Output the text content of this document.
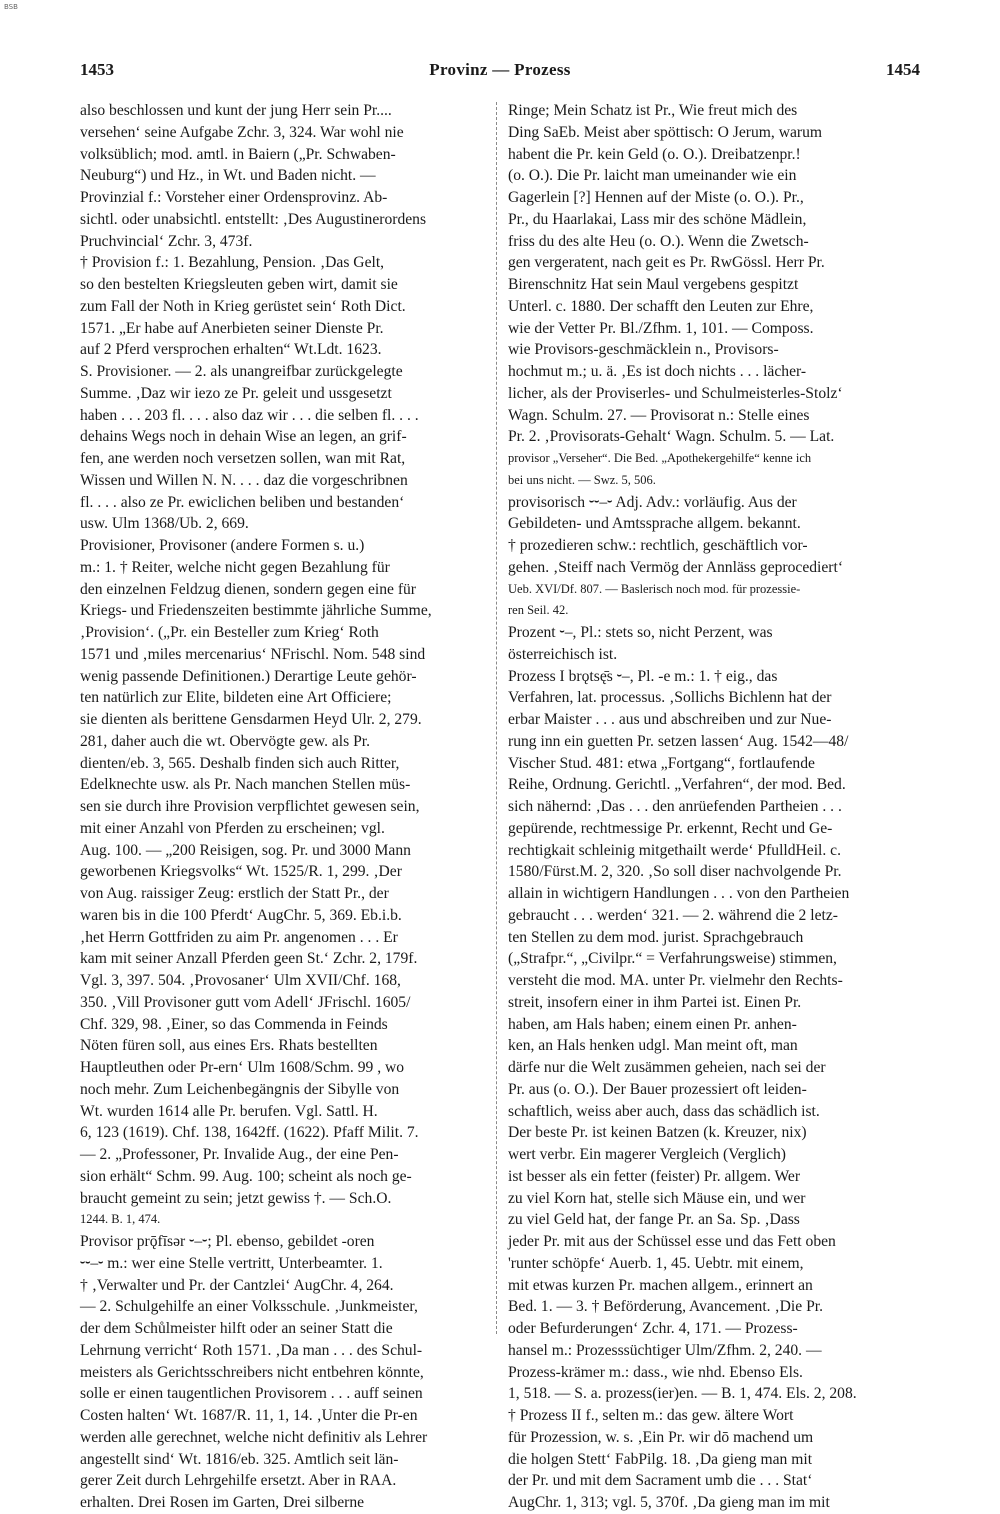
BSB
1453	Provinz — Prozess	1454
also beschlossen und kunt der jung Herr sein Pr....
versehen‘ seine Aufgabe Zchr. 3, 324. War wohl nie
volksüblich; mod. amtl. in Baiern („Pr. Schwaben-
Neuburg“) und Hz., in Wt. und Baden nicht. —
Provinzial f.: Vorsteher einer Ordensprovinz. Ab-
sichtl. oder unabsichtl. entstellt: ‚Des Augustinerordens
Pruchvincial‘ Zchr. 3, 473f.
† Provision f.: 1. Bezahlung, Pension. ‚Das Gelt,
so den bestelten Kriegsleuten geben wirt, damit sie
zum Fall der Noth in Krieg gerüstet sein‘ Roth Dict.
1571. „Er habe auf Anerbieten seiner Dienste Pr.
auf 2 Pferd versprochen erhalten“ Wt.Ldt. 1623.
S. Provisioner. — 2. als unangreifbar zurückgelegte
Summe. ‚Daz wir iezo ze Pr. geleit und ussgesetzt
haben . . . 203 fl. . . . also daz wir . . . die selben fl. . . .
dehains Wegs noch in dehain Wise an legen, an grif-
fen, ane werden noch versetzen sollen, wan mit Rat,
Wissen und Willen N. N. . . . daz die vorgeschribnen
fl. . . . also ze Pr. ewiclichen beliben und bestanden‘
usw. Ulm 1368/Ub. 2, 669.
Provisioner, Provisoner (andere Formen s. u.)
m.: 1. † Reiter, welche nicht gegen Bezahlung für
den einzelnen Feldzug dienen, sondern gegen eine für
Kriegs- und Friedenszeiten bestimmte jährliche Summe,
‚Provision‘. („Pr. ein Besteller zum Krieg‘ Roth
1571 und ‚miles mercenarius‘ NFrischl. Nom. 548 sind
wenig passende Definitionen.) Derartige Leute gehör-
ten natürlich zur Elite, bildeten eine Art Officiere;
sie dienten als berittene Gensdarmen Heyd Ulr. 2, 279.
281, daher auch die wt. Obervögte gew. als Pr.
dienten/eb. 3, 565. Deshalb finden sich auch Ritter,
Edelknechte usw. als Pr. Nach manchen Stellen müs-
sen sie durch ihre Provision verpflichtet gewesen sein,
mit einer Anzahl von Pferden zu erscheinen; vgl.
Aug. 100. — „200 Reisigen, sog. Pr. und 3000 Mann
geworbenen Kriegsvolks“ Wt. 1525/R. 1, 299. ‚Der
von Aug. raissiger Zeug: erstlich der Statt Pr., der
waren bis in die 100 Pferdt‘ AugChr. 5, 369. Eb.i.b.
‚het Herrn Gottfriden zu aim Pr. angenomen . . . Er
kam mit seiner Anzall Pferden geen St.‘ Zchr. 2, 179f.
Vgl. 3, 397. 504. ‚Provosaner‘ Ulm XVII/Chf. 168,
350. ‚Vill Provisoner gutt vom Adell‘ JFrischl. 1605/
Chf. 329, 98. ‚Einer, so das Commenda in Feinds
Nöten füren soll, aus eines Ers. Rhats bestellten
Hauptleuthen oder Pr-ern‘ Ulm 1608/Schm. 99 , wo
noch mehr. Zum Leichenbegängnis der Sibylle von
Wt. wurden 1614 alle Pr. berufen. Vgl. Sattl. H.
6, 123 (1619). Chf. 138, 1642ff. (1622). Pfaff Milit. 7.
— 2. „Professoner, Pr. Invalide Aug., der eine Pen-
sion erhält“ Schm. 99. Aug. 100; scheint als noch ge-
braucht gemeint zu sein; jetzt gewiss †. — Sch.O.
1244. B. 1, 474.
Provisor prǭfīsər ⏑–⏑; Pl. ebenso, gebildet -oren
⏑⏑–⏑ m.: wer eine Stelle vertritt, Unterbeamter. 1.
† ‚Verwalter und Pr. der Cantzlei‘ AugChr. 4, 264.
— 2. Schulgehilfe an einer Volksschule. ‚Junkmeister,
der dem Schůlmeister hilft oder an seiner Statt die
Lehrnung verricht‘ Roth 1571. ‚Da man . . . des Schul-
meisters als Gerichtsschreibers nicht entbehren könnte,
solle er einen taugentlichen Provisorem . . . auff seinen
Costen halten‘ Wt. 1687/R. 11, 1, 14. ‚Unter die Pr-en
werden alle gerechnet, welche nicht definitiv als Lehrer
angestellt sind‘ Wt. 1816/eb. 325. Amtlich seit län-
gerer Zeit durch Lehrgehilfe ersetzt. Aber in RAA.
erhalten. Drei Rosen im Garten, Drei silberne
Ringe; Mein Schatz ist Pr., Wie freut mich des
Ding SaEb. Meist aber spöttisch: O Jerum, warum
habent die Pr. kein Geld (o. O.). Dreibatzenpr.!
(o. O.). Die Pr. laicht man umeinander wie ein
Gagerlein [?] Hennen auf der Miste (o. O.). Pr.,
Pr., du Haarlakai, Lass mir des schöne Mädlein,
friss du des alte Heu (o. O.). Wenn die Zwetsch-
gen vergeratent, nach geit es Pr. RwGössl. Herr Pr.
Birenschnitz Hat sein Maul vergebens gespitzt
Unterl. c. 1880. Der schafft den Leuten zur Ehre,
wie der Vetter Pr. Bl./Zfhm. 1, 101. — Composs.
wie Provisors-geschmäcklein n., Provisors-
hochmut m.; u. ä. ‚Es ist doch nichts . . . lächer-
licher, als der Proviserles- und Schulmeisterles-Stolz‘
Wagn. Schulm. 27. — Provisorat n.: Stelle eines
Pr. 2. ‚Provisorats-Gehalt‘ Wagn. Schulm. 5. — Lat.
provisor „Verseher“. Die Bed. „Apothekergehilfe“ kenne ich
bei uns nicht. — Swz. 5, 506.
provisorisch ⏑⏑–⏑ Adj. Adv.: vorläufig. Aus der
Gebildeten- und Amtssprache allgem. bekannt.
† prozedieren schw.: rechtlich, geschäftlich vor-
gehen. ‚Steiff nach Vermög der Annläss geprocediert‘
Ueb. XVI/Df. 807. — Baslerisch noch mod. für prozessie-
ren Seil. 42.
Prozent ⏑–, Pl.: stets so, nicht Perzent, was
österreichisch ist.
Prozess I brǫtsę̄s ⏑–, Pl. -e m.: 1. † eig., das
Verfahren, lat. processus. ‚Sollichs Bichlenn hat der
erbar Maister . . . aus und abschreiben und zur Nue-
rung inn ein guetten Pr. setzen lassen‘ Aug. 1542—48/
Vischer Stud. 481: etwa „Fortgang“, fortlaufende
Reihe, Ordnung. Gerichtl. „Verfahren“, der mod. Bed.
sich nähernd: ‚Das . . . den anrüefenden Partheien . . .
gepürende, rechtmessige Pr. erkennt, Recht und Ge-
rechtigkait schleinig mitgethailt werde‘ PfulldHeil. c.
1580/Fürst.M. 2, 320. ‚So soll diser nachvolgende Pr.
allain in wichtigern Handlungen . . . von den Partheien
gebraucht . . . werden‘ 321. — 2. während die 2 letz-
ten Stellen zu dem mod. jurist. Sprachgebrauch
(„Strafpr.“, „Civilpr.“ = Verfahrungsweise) stimmen,
versteht die mod. MA. unter Pr. vielmehr den Rechts-
streit, insofern einer in ihm Partei ist. Einen Pr.
haben, am Hals haben; einem einen Pr. anhen-
ken, an Hals henken udgl. Man meint oft, man
därfe nur die Welt zusämmen geheien, nach sei der
Pr. aus (o. O.). Der Bauer prozessiert oft leiden-
schaftlich, weiss aber auch, dass das schädlich ist.
Der beste Pr. ist keinen Batzen (k. Kreuzer, nix)
wert verbr. Ein magerer Vergleich (Verglich)
ist besser als ein fetter (feister) Pr. allgem. Wer
zu viel Korn hat, stelle sich Mäuse ein, und wer
zu viel Geld hat, der fange Pr. an Sa. Sp. ‚Dass
jeder Pr. mit aus der Schüssel esse und das Fett oben
'runter schöpfe‘ Auerb. 1, 45. Uebtr. mit einem,
mit etwas kurzen Pr. machen allgem., erinnert an
Bed. 1. — 3. † Beförderung, Avancement. ‚Die Pr.
oder Befurderungen‘ Zchr. 4, 171. — Prozess-
hansel m.: Prozesssüchtiger Ulm/Zfhm. 2, 240. —
Prozess-krämer m.: dass., wie nhd. Ebenso Els.
1, 518. — S. a. prozess(ier)en. — B. 1, 474. Els. 2, 208.
† Prozess II f., selten m.: das gew. ältere Wort
für Prozession, w. s. ‚Ein Pr. wir dō machend um
die holgen Stett‘ FabPilg. 18. ‚Da gieng man mit
der Pr. und mit dem Sacrament umb die . . . Stat‘
AugChr. 1, 313; vgl. 5, 370f. ‚Da gieng man im mit
